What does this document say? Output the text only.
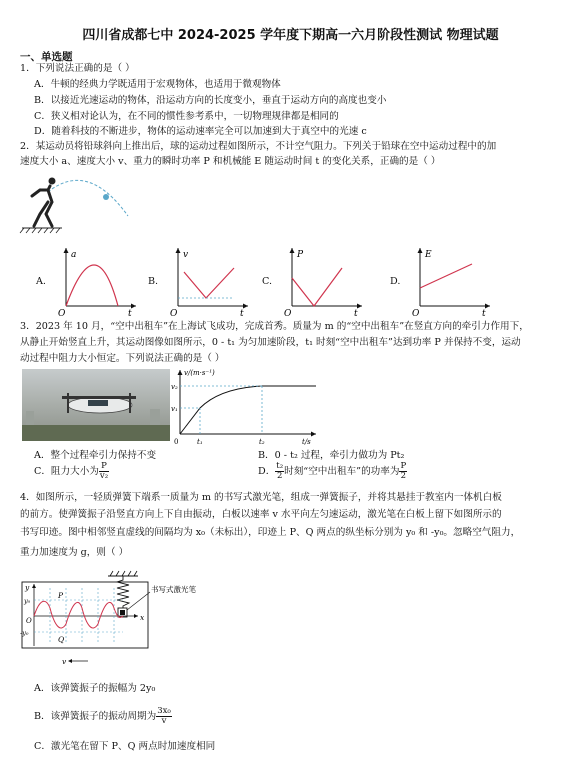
四川省成都七中 2024-2025 学年度下期高一六月阶段性测试 物理试题
一、单选题
1．下列说法正确的是（ ）
A．牛顿的经典力学既适用于宏观物体，也适用于微观物体
B．以接近光速运动的物体，沿运动方向的长度变小，垂直于运动方向的高度也变小
C．狭义相对论认为，在不同的惯性参考系中，一切物理规律都是相同的
D．随着科技的不断进步，物体的运动速率完全可以加速到大于真空中的光速 c
2．某运动员将铅球斜向上推出后，球的运动过程如图所示，不计空气阻力。下列关于铅球在空中运动过程中的加
速度大小 a、速度大小 v、重力的瞬时功率 P 和机械能 E 随运动时间 t 的变化关系，正确的是（ ）
A.	B.	C.	D.
a
t
O
v
t
O
P
t
O
E
t
O
3．2023 年 10 月，“空中出租车”在上海试飞成功，完成首秀。质量为 m 的“空中出租车”在竖直方向的牵引力作用下，
从静止开始竖直上升，其运动图像如图所示，0 - t₁ 为匀加速阶段，t₁ 时刻“空中出租车”达到功率 P 并保持不变，运动
动过程中阻力大小恒定。下列说法正确的是（ ）
v/(m·s⁻¹)
v₂
v₁
0	t₁	t₂	t/s
A．整个过程牵引力保持不变	B．0 - t₂ 过程，牵引力做功为 Pt₂
C．阻力大小为 $\frac{P}{\text{v₂}}$	D． $\frac{\text{t₂}}{2}$ 时刻“空中出租车”的功率为 $\frac{P}{2}$
4．如图所示，一轻质弹簧下端系一质量为 m 的书写式激光笔，组成一弹簧振子，并将其悬挂于教室内一体机白板
的前方。使弹簧振子沿竖直方向上下自由振动，白板以速率 v 水平向左匀速运动，激光笔在白板上留下如图所示的
书写印迹。图中相邻竖直虚线的间隔均为 x₀（未标出），印迹上 P、Q 两点的纵坐标分别为 y₀ 和 -y₀。忽略空气阻力，
重力加速度为 g，则（ ）
书写式激光笔
P
Q
x
y
y₀
-y₀
O
v
A．该弹簧振子的振幅为 2y₀
B．该弹簧振子的振动周期为 $\frac{\text{3x₀}}{v}$
C．激光笔在留下 P、Q 两点时加速度相同
